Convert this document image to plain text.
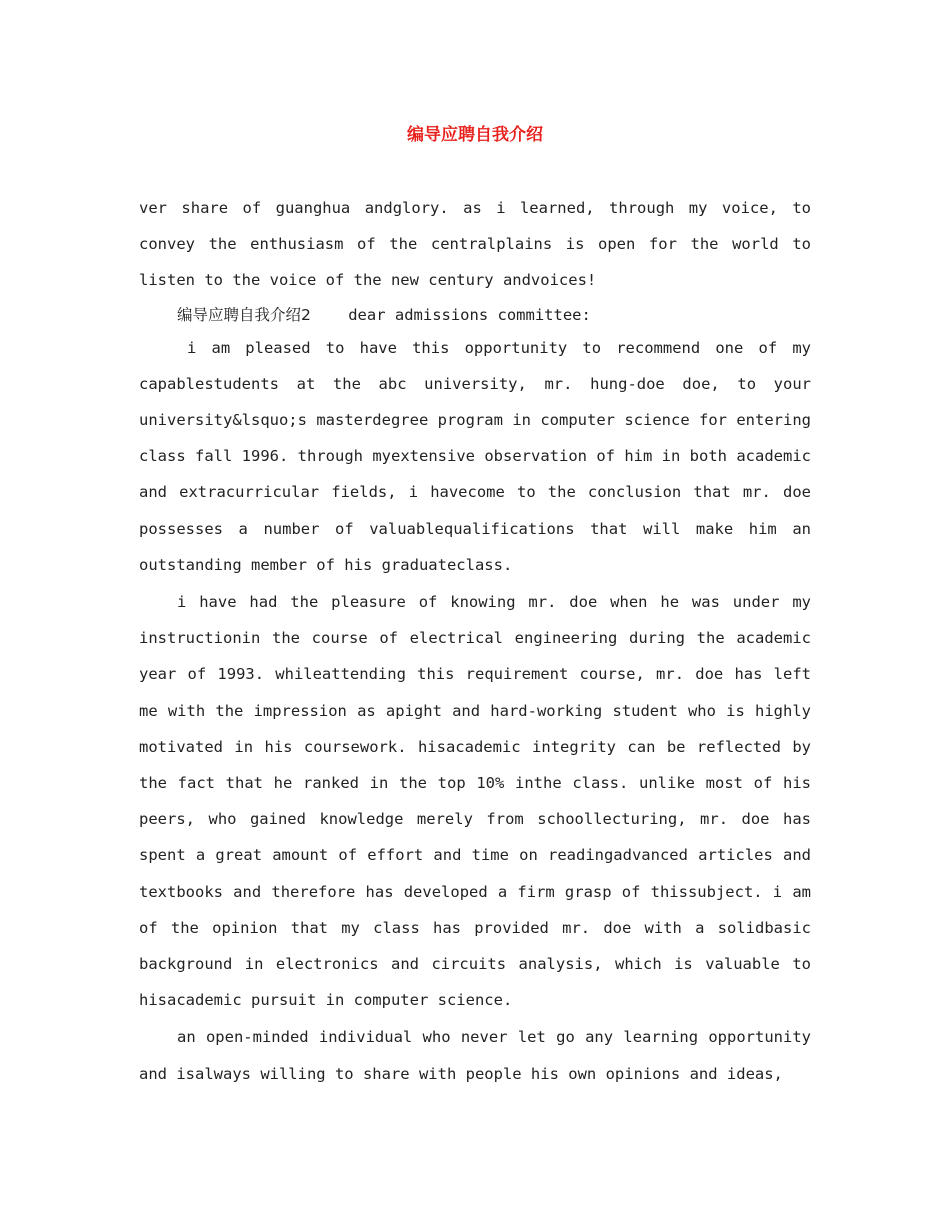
编导应聘自我介绍

ver share of guanghua andglory. as i learned, through my voice, to convey the enthusiasm of the centralplains is open for the world to listen to the voice of the new century andvoices!

编导应聘自我介绍2 dear admissions committee:

i am pleased to have this opportunity to recommend one of my capablestudents at the abc university, mr. hung-doe doe, to your university&lsquo;s masterdegree program in computer science for entering class fall 1996. through myextensive observation of him in both academic and extracurricular fields, i havecome to the conclusion that mr. doe possesses a number of valuablequalifications that will make him an outstanding member of his graduateclass.

i have had the pleasure of knowing mr. doe when he was under my instructionin the course of electrical engineering during the academic year of 1993. whileattending this requirement course, mr. doe has left me with the impression as apight and hard-working student who is highly motivated in his coursework. hisacademic integrity can be reflected by the fact that he ranked in the top 10% inthe class. unlike most of his peers, who gained knowledge merely from schoollecturing, mr. doe has spent a great amount of effort and time on readingadvanced articles and textbooks and therefore has developed a firm grasp of thissubject. i am of the opinion that my class has provided mr. doe with a solidbasic background in electronics and circuits analysis, which is valuable to hisacademic pursuit in computer science.

an open-minded individual who never let go any learning opportunity and isalways willing to share with people his own opinions and ideas,
